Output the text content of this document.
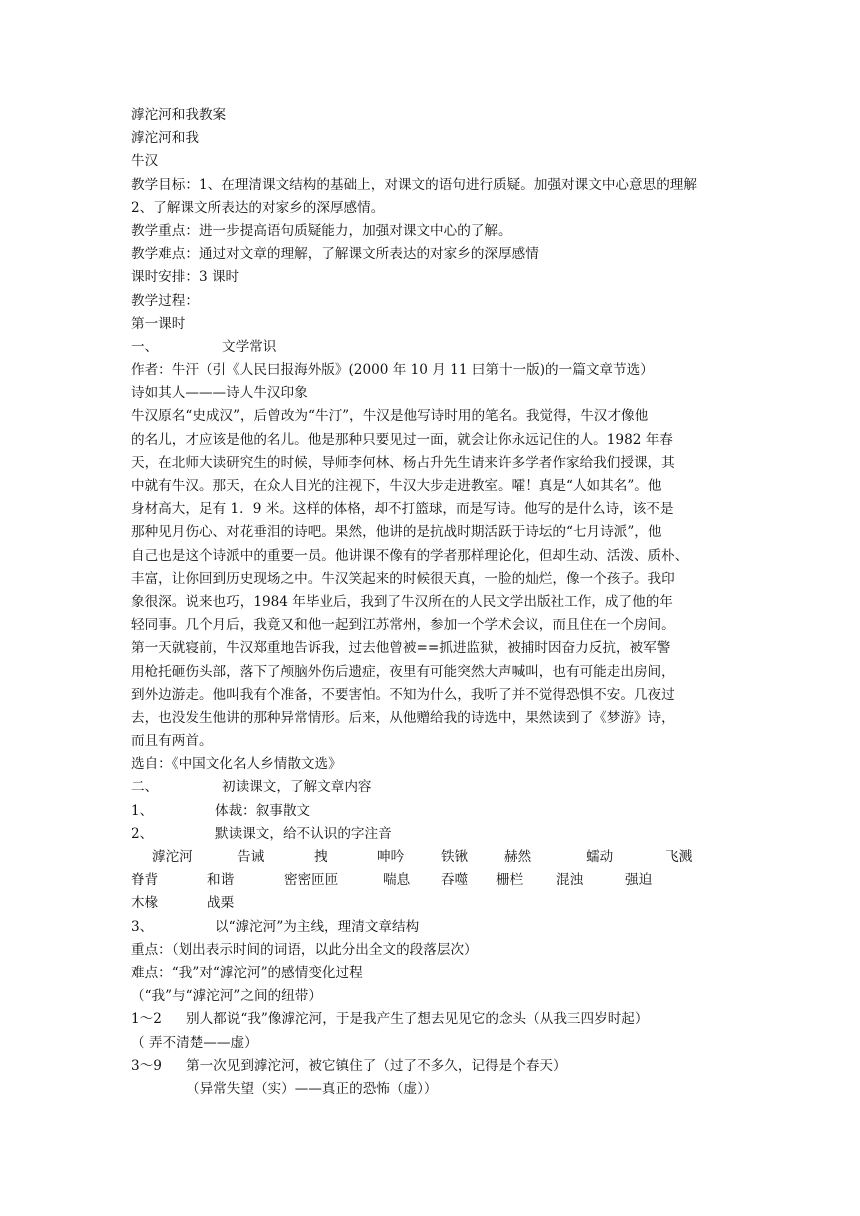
滹沱河和我教案
滹沱河和我
牛汉
教学目标：1、在理清课文结构的基础上，对课文的语句进行质疑。加强对课文中心意思的理解
2、了解课文所表达的对家乡的深厚感情。
教学重点：进一步提高语句质疑能力，加强对课文中心的了解。
教学难点：通过对文章的理解，了解课文所表达的对家乡的深厚感情
课时安排：3 课时
教学过程：
第一课时
一、	文学常识
作者：牛汗（引《人民曰报海外版》(2000 年 10 月 11 曰第十一版)的一篇文章节选）
诗如其人———诗人牛汉印象
牛汉原名“史成汉”，后曾改为“牛汀”，牛汉是他写诗时用的笔名。我觉得，牛汉才像他
的名儿，才应该是他的名儿。他是那种只要见过一面，就会让你永远记住的人。1982 年春
天，在北师大读研究生的时候，导师李何林、杨占升先生请来许多学者作家给我们授课，其
中就有牛汉。那天，在众人目光的注视下，牛汉大步走进教室。嚯！真是“人如其名”。他
身材高大，足有 1．9 米。这样的体格，却不打篮球，而是写诗。他写的是什么诗，该不是
那种见月伤心、对花垂泪的诗吧。果然，他讲的是抗战时期活跃于诗坛的“七月诗派”，他
自己也是这个诗派中的重要一员。他讲课不像有的学者那样理论化，但却生动、活泼、质朴、
丰富，让你回到历史现场之中。牛汉笑起来的时候很天真，一脸的灿烂，像一个孩子。我印
象很深。说来也巧，1984 年毕业后，我到了牛汉所在的人民文学出版社工作，成了他的年
轻同事。几个月后，我竟又和他一起到江苏常州，参加一个学术会议，而且住在一个房间。
第一天就寝前，牛汉郑重地告诉我，过去他曾被==抓进监狱，被捕时因奋力反抗，被军警
用枪托砸伤头部，落下了颅脑外伤后遗症，夜里有可能突然大声喊叫，也有可能走出房间，
到外边游走。他叫我有个准备，不要害怕。不知为什么，我听了并不觉得恐惧不安。几夜过
去，也没发生他讲的那种异常情形。后来，从他赠给我的诗选中，果然读到了《梦游》诗，
而且有两首。
选自：《中国文化名人乡情散文选》
二、	初读课文，了解文章内容
1、	体裁：叙事散文
2、	默读课文，给不认识的字注音
滹沱河	告诫	拽	呻吟	铁锹	赫然	蠕动	飞溅
脊背	和谐	密密匝匝	喘息 吞噬 栅栏 混浊	强迫
木椽	战栗
3、	以“滹沱河”为主线，理清文章结构
重点：（划出表示时间的词语，以此分出全文的段落层次）
难点：“我”对“滹沱河”的感情变化过程
（“我”与“滹沱河”之间的纽带）
1～2 别人都说“我”像滹沱河，于是我产生了想去见见它的念头（从我三四岁时起）
（ 弄不清楚——虚）
3～9 第一次见到滹沱河，被它镇住了（过了不多久，记得是个春天）
（异常失望（实）——真正的恐怖（虚））
